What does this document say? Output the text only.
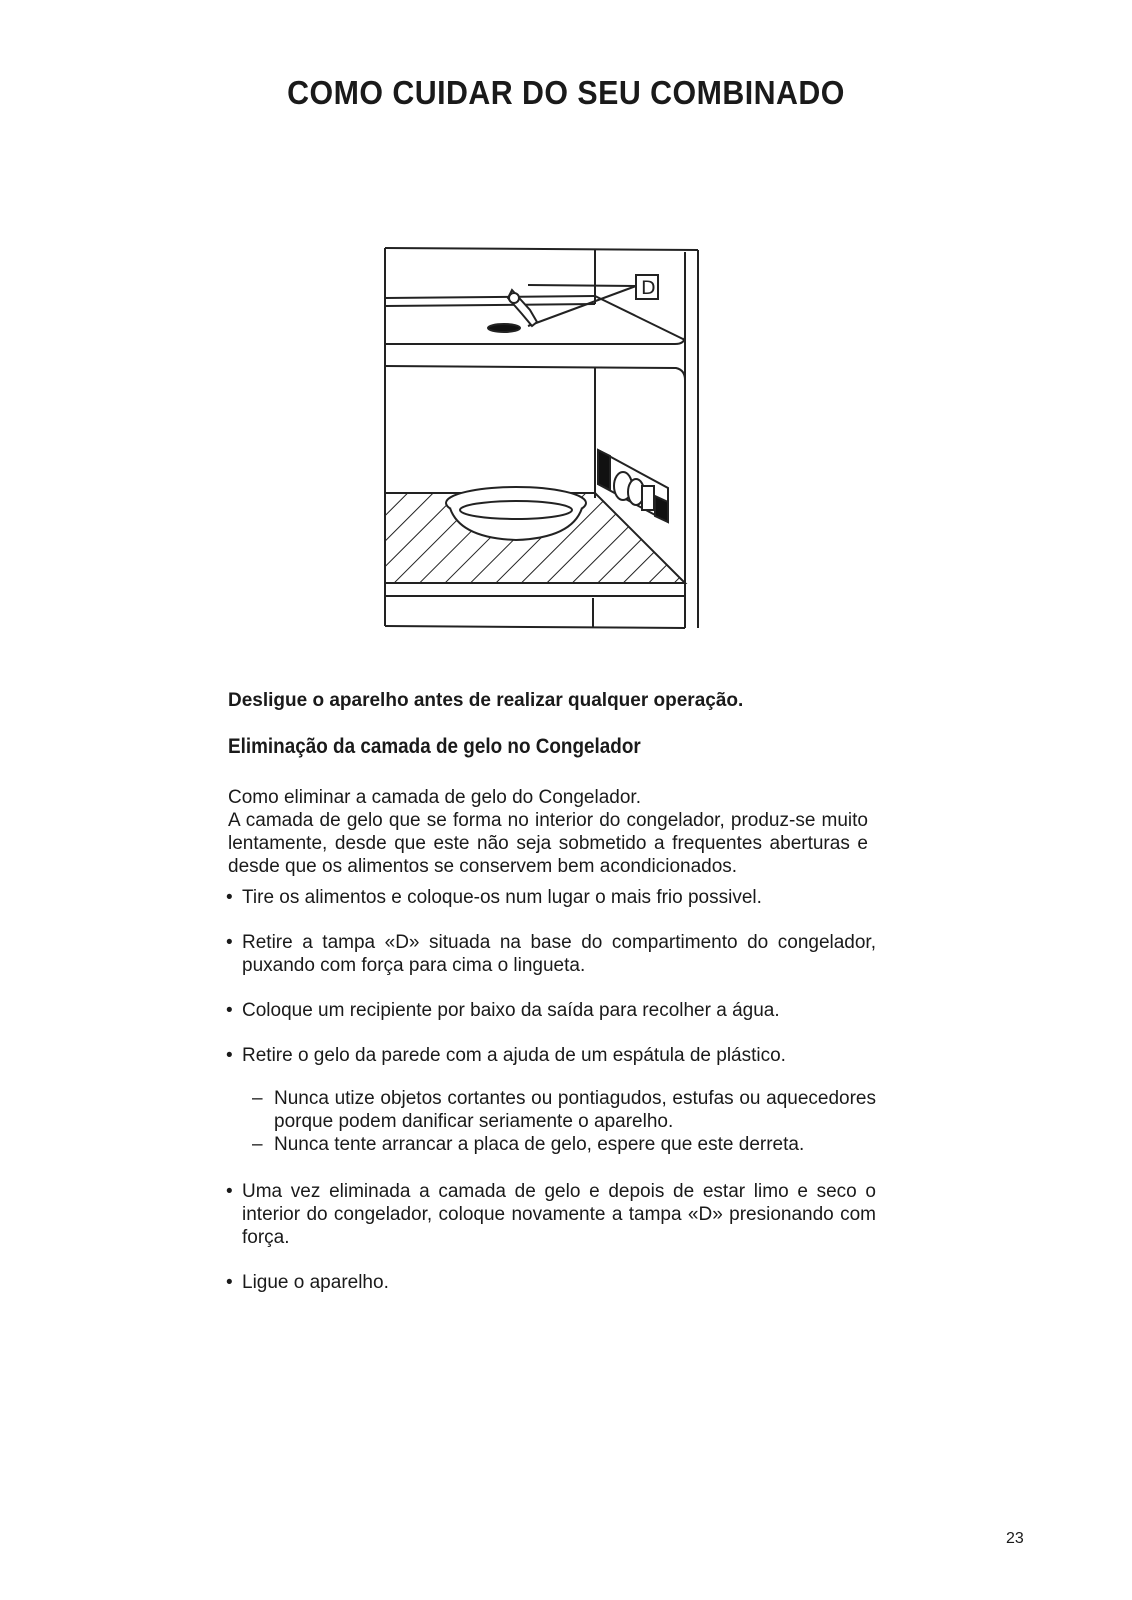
COMO CUIDAR DO SEU COMBINADO
D

Desligue o aparelho antes de realizar qualquer operação.

Eliminação da camada de gelo no Congelador
Como eliminar a camada de gelo do Congelador.
A camada de gelo que se forma no interior do congelador, produz-se muito lentamente, desde que este não seja sobmetido a frequentes aberturas e desde que os alimentos se conservem bem acondicionados.
• Tire os alimentos e coloque-os num lugar o mais frio possivel.
• Retire a tampa «D» situada na base do compartimento do congelador, puxando com força para cima o lingueta.
• Coloque um recipiente por baixo da saída para recolher a água.
• Retire o gelo da parede com a ajuda de um espátula de plástico.
– Nunca utize objetos cortantes ou pontiagudos, estufas ou aquecedores porque podem danificar seriamente o aparelho.
– Nunca tente arrancar a placa de gelo, espere que este derreta.
• Uma vez eliminada a camada de gelo e depois de estar limo e seco o interior do congelador, coloque novamente a tampa «D» presionando com força.
• Ligue o aparelho.
23
